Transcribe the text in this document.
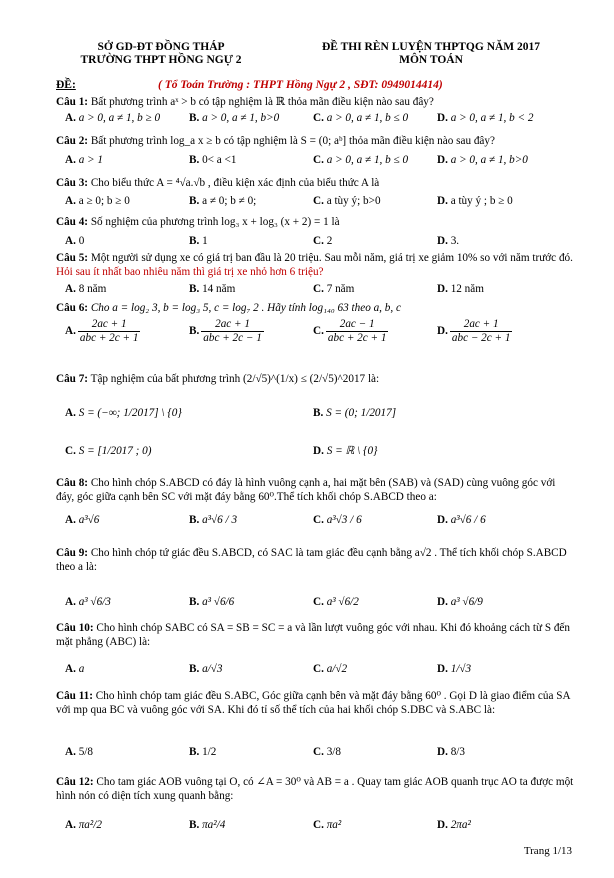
SỞ GD-ĐT ĐỒNG THÁP	ĐỀ THI RÈN LUYỆN THPTQG NĂM 2017
TRƯỜNG THPT HỒNG NGỰ 2	MÔN TOÁN
ĐỀ:	( Tổ Toán Trường : THPT Hồng Ngự 2 , SĐT: 0949014414)
Câu 1: Bất phương trình aˣ > b có tập nghiệm là ℝ thỏa mãn điều kiện nào sau đây?
A. a > 0, a ≠ 1, b ≥ 0	B. a > 0, a ≠ 1, b>0	C. a > 0, a ≠ 1, b ≤ 0	D. a > 0, a ≠ 1, b < 2
Câu 2: Bất phương trình log_a x ≥ b có tập nghiệm là S = (0; aᵇ] thỏa mãn điều kiện nào sau đây?
A. a > 1	B. 0< a <1	C. a > 0, a ≠ 1, b ≤ 0	D. a > 0, a ≠ 1, b>0
Câu 3: Cho biểu thức A = ⁴√a.√b , điều kiện xác định của biểu thức A là
A. a ≥ 0; b ≥ 0	B. a ≠ 0; b ≠ 0;	C. a tùy ý; b>0	D. a tùy ý ; b ≥ 0
Câu 4: Số nghiệm của phương trình log₃ x + log₃ (x + 2) = 1 là
A. 0	B. 1	C. 2	D. 3.
Câu 5: Một người sử dụng xe có giá trị ban đầu là 20 triệu. Sau mỗi năm, giá trị xe giảm 10% so với năm trước đó. Hỏi sau ít nhất bao nhiêu năm thì giá trị xe nhỏ hơn 6 triệu?
A. 8 năm	B. 14 năm	C. 7 năm	D. 12 năm
Câu 6: Cho a = log₂ 3, b = log₃ 5, c = log₇ 2 . Hãy tính log₁₄₀ 63 theo a, b, c
A. $\frac{2ac + 1}{\text{abc + 2c + 1}}$	B. $\frac{2ac + 1}{\text{abc + 2c − 1}}$	C. $\frac{2ac - 1}{\text{abc + 2c + 1}}$	D. $\frac{2ac + 1}{\text{abc − 2c + 1}}$
Câu 7: Tập nghiệm của bất phương trình (2/√5)^(1/x) ≤ (2/√5)^2017 là:
A. S = (−∞; 1/2017] \ {0}	B. S = (0; 1/2017]
C. S = [1/2017 ; 0)	D. S = ℝ \ {0}
Câu 8: Cho hình chóp S.ABCD có đáy là hình vuông cạnh a, hai mặt bên (SAB) và (SAD) cùng vuông góc với đáy, góc giữa cạnh bên SC với mặt đáy bằng 60⁰.Thể tích khối chóp S.ABCD theo a:
A. a³√6	B. a³√6 / 3	C. a³√3 / 6	D. a³√6 / 6
Câu 9: Cho hình chóp tứ giác đều S.ABCD, có SAC là tam giác đều cạnh bằng a√2 . Thể tích khối chóp S.ABCD theo a là:
A. a³ √6/3	B. a³ √6/6	C. a³ √6/2	D. a³ √6/9
Câu 10: Cho hình chóp SABC có SA = SB = SC = a và lần lượt vuông góc với nhau. Khi đó khoảng cách từ S đến mặt phẳng (ABC) là:
A. a	B. a/√3	C. a/√2	D. 1/√3
Câu 11: Cho hình chóp tam giác đều S.ABC, Góc giữa cạnh bên và mặt đáy bằng 60⁰ . Gọi D là giao điểm của SA với mp qua BC và vuông góc với SA. Khi đó tỉ số thể tích của hai khối chóp S.DBC và S.ABC là:
A. 5/8	B. 1/2	C. 3/8	D. 8/3
Câu 12: Cho tam giác AOB vuông tại O, có ∠A = 30⁰ và AB = a . Quay tam giác AOB quanh trục AO ta được một hình nón có diện tích xung quanh bằng:
A. πa²/2	B. πa²/4	C. πa²	D. 2πa²
Trang 1/13
